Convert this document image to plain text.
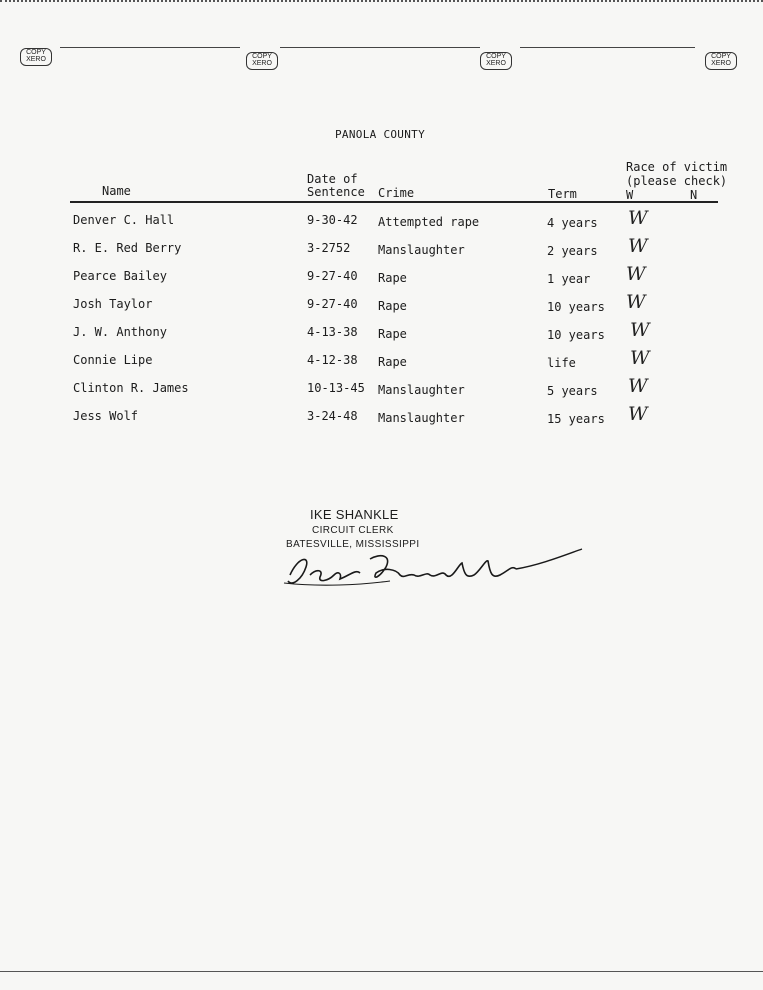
COPY XERO	COPY XERO
COPY XERO
COPY XERO
PANOLA COUNTY
Name
Date of
Sentence Crime	Term
Race of victim
(please check)
W	N
Denver C. Hall	9-30-42 Attempted rape	4 years W
R. E. Red Berry	3-2752 Manslaughter	2 years W
Pearce Bailey	9-27-40 Rape	1 year W
Josh Taylor	9-27-40 Rape	10 years W
J. W. Anthony	4-13-38 Rape	10 years W
Connie Lipe	4-12-38 Rape	life	W
Clinton R. James	10-13-45 Manslaughter	5 years W
Jess Wolf	3-24-48 Manslaughter	15 years W
IKE SHANKLE
CIRCUIT CLERK
BATESVILLE, MISSISSIPPI
